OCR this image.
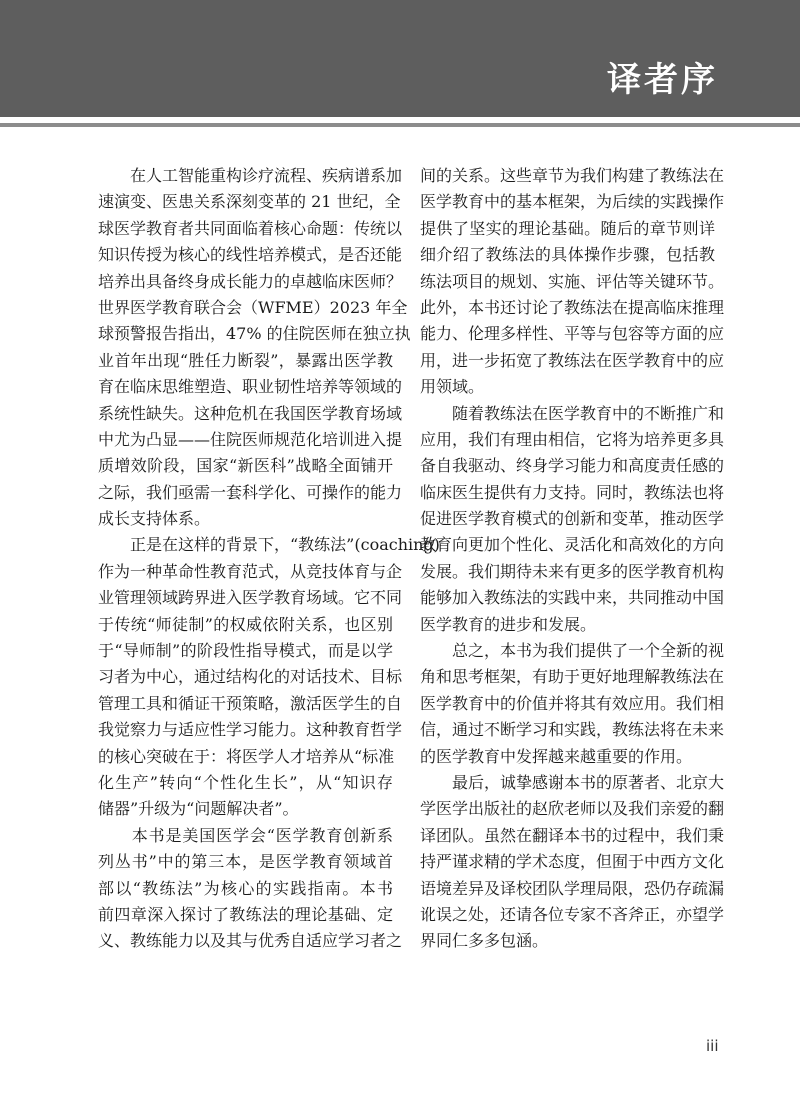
译者序
　　在人工智能重构诊疗流程、疾病谱系加
速演变、医患关系深刻变革的 21 世纪，全
球医学教育者共同面临着核心命题：传统以
知识传授为核心的线性培养模式，是否还能
培养出具备终身成长能力的卓越临床医师？
世界医学教育联合会（WFME）2023 年全
球预警报告指出，47% 的住院医师在独立执
业首年出现“胜任力断裂”，暴露出医学教
育在临床思维塑造、职业韧性培养等领域的
系统性缺失。这种危机在我国医学教育场域
中尤为凸显——住院医师规范化培训进入提
质增效阶段，国家“新医科”战略全面铺开
之际，我们亟需一套科学化、可操作的能力
成长支持体系。
　　正是在这样的背景下，“教练法”(coaching)
作为一种革命性教育范式，从竞技体育与企
业管理领域跨界进入医学教育场域。它不同
于传统“师徒制”的权威依附关系，也区别
于“导师制”的阶段性指导模式，而是以学
习者为中心，通过结构化的对话技术、目标
管理工具和循证干预策略，激活医学生的自
我觉察力与适应性学习能力。这种教育哲学
的核心突破在于：将医学人才培养从“标准
化生产”转向“个性化生长”，从“知识存
储器”升级为“问题解决者”。
　　本书是美国医学会“医学教育创新系
列丛书”中的第三本，是医学教育领域首
部以“教练法”为核心的实践指南。本书
前四章深入探讨了教练法的理论基础、定
义、教练能力以及其与优秀自适应学习者之
间的关系。这些章节为我们构建了教练法在
医学教育中的基本框架，为后续的实践操作
提供了坚实的理论基础。随后的章节则详
细介绍了教练法的具体操作步骤，包括教
练法项目的规划、实施、评估等关键环节。
此外，本书还讨论了教练法在提高临床推理
能力、伦理多样性、平等与包容等方面的应
用，进一步拓宽了教练法在医学教育中的应
用领域。
　　随着教练法在医学教育中的不断推广和
应用，我们有理由相信，它将为培养更多具
备自我驱动、终身学习能力和高度责任感的
临床医生提供有力支持。同时，教练法也将
促进医学教育模式的创新和变革，推动医学
教育向更加个性化、灵活化和高效化的方向
发展。我们期待未来有更多的医学教育机构
能够加入教练法的实践中来，共同推动中国
医学教育的进步和发展。
　　总之，本书为我们提供了一个全新的视
角和思考框架，有助于更好地理解教练法在
医学教育中的价值并将其有效应用。我们相
信，通过不断学习和实践，教练法将在未来
的医学教育中发挥越来越重要的作用。
　　最后，诚挚感谢本书的原著者、北京大
学医学出版社的赵欣老师以及我们亲爱的翻
译团队。虽然在翻译本书的过程中，我们秉
持严谨求精的学术态度，但囿于中西方文化
语境差异及译校团队学理局限，恐仍存疏漏
讹误之处，还请各位专家不吝斧正，亦望学
界同仁多多包涵。
iii
